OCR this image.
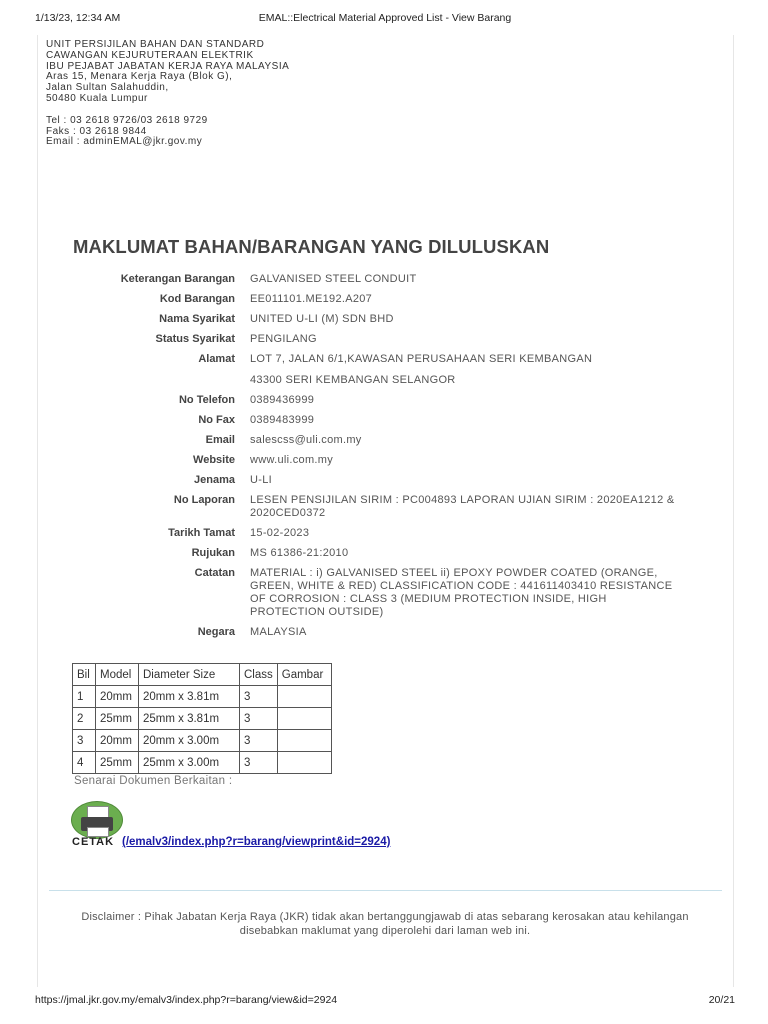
1/13/23, 12:34 AM	EMAL::Electrical Material Approved List - View Barang
UNIT PERSIJILAN BAHAN DAN STANDARD
CAWANGAN KEJURUTERAAN ELEKTRIK
IBU PEJABAT JABATAN KERJA RAYA MALAYSIA
Aras 15, Menara Kerja Raya (Blok G),
Jalan Sultan Salahuddin,
50480 Kuala Lumpur
Tel : 03 2618 9726/03 2618 9729
Faks : 03 2618 9844
Email : adminEMAL@jkr.gov.my
MAKLUMAT BAHAN/BARANGAN YANG DILULUSKAN
Keterangan Barangan	GALVANISED STEEL CONDUIT
Kod Barangan	EE011101.ME192.A207
Nama Syarikat	UNITED U-LI (M) SDN BHD
Status Syarikat	PENGILANG
Alamat	LOT 7, JALAN 6/1,KAWASAN PERUSAHAAN SERI KEMBANGAN
43300 SERI KEMBANGAN SELANGOR
No Telefon	0389436999
No Fax	0389483999
Email	salescss@uli.com.my
Website	www.uli.com.my
Jenama	U-LI
No Laporan	LESEN PENSIJILAN SIRIM : PC004893 LAPORAN UJIAN SIRIM : 2020EA1212 & 2020CED0372
Tarikh Tamat	15-02-2023
Rujukan	MS 61386-21:2010
Catatan	MATERIAL : i) GALVANISED STEEL ii) EPOXY POWDER COATED (ORANGE, GREEN, WHITE & RED) CLASSIFICATION CODE : 441611403410 RESISTANCE OF CORROSION : CLASS 3 (MEDIUM PROTECTION INSIDE, HIGH PROTECTION OUTSIDE)
Negara	MALAYSIA
Bil	Model	Diameter Size	Class	Gambar
1	20mm	20mm x 3.81m	3	
2	25mm	25mm x 3.81m	3	
3	20mm	20mm x 3.00m	3	
4	25mm	25mm x 3.00m	3	
Senarai Dokumen Berkaitan :
CETAK (/emalv3/index.php?r=barang/viewprint&id=2924)
Disclaimer : Pihak Jabatan Kerja Raya (JKR) tidak akan bertanggungjawab di atas sebarang kerosakan atau kehilangan
disebabkan maklumat yang diperolehi dari laman web ini.
https://jmal.jkr.gov.my/emalv3/index.php?r=barang/view&id=2924	20/21
